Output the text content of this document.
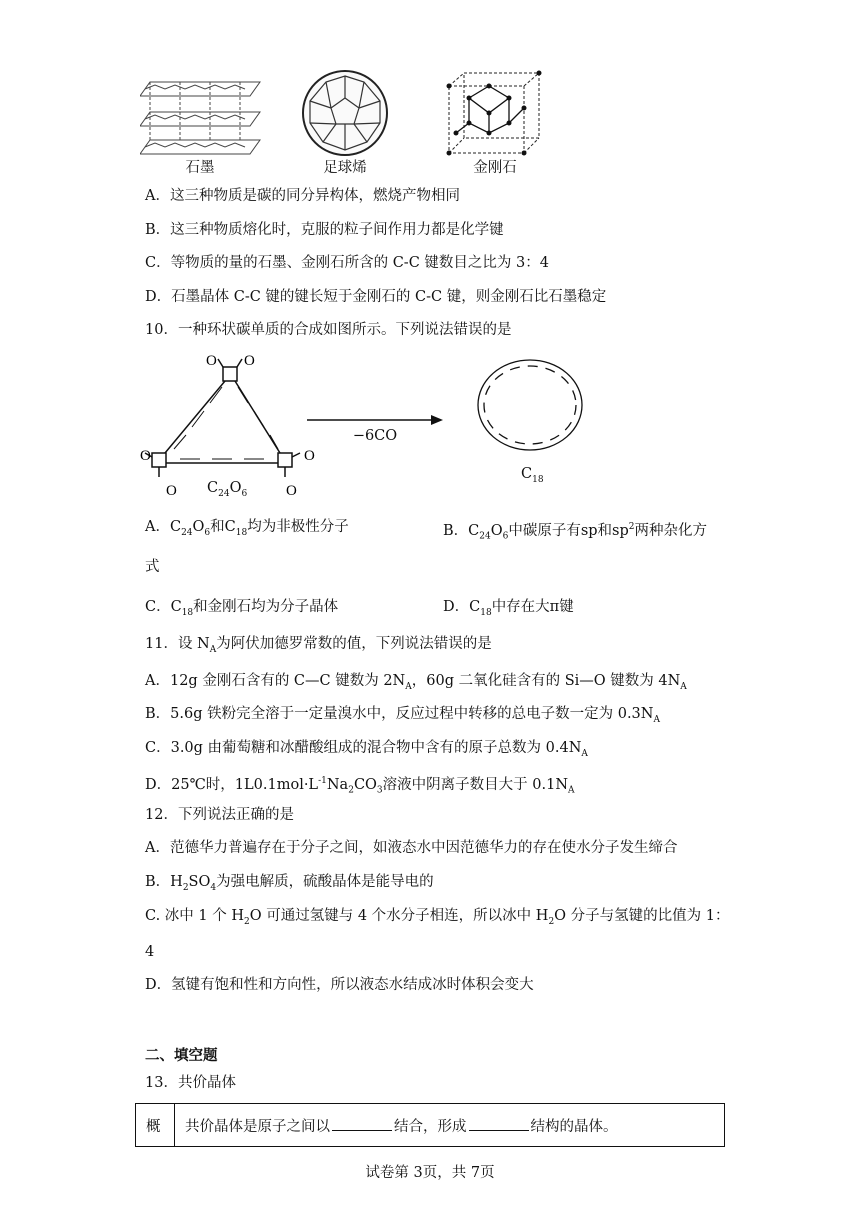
石墨	足球烯	金刚石
A．这三种物质是碳的同分异构体，燃烧产物相同
B．这三种物质熔化时，克服的粒子间作用力都是化学键
C．等物质的量的石墨、金刚石所含的 C-C 键数目之比为 3：4
D．石墨晶体 C-C 键的键长短于金刚石的 C-C 键，则金刚石比石墨稳定
10．一种环状碳单质的合成如图所示。下列说法错误的是
O O
O
O
O
O
$C_{24}O_6$
−6CO
$C_{18}$
A．$C_{24}O_6$和$C_{18}$均为非极性分子	B．$C_{24}O_6$中碳原子有sp和$sp^2$两种杂化方
式
C．$C_{18}$和金刚石均为分子晶体	D．$C_{18}$中存在大π键
11．设 $N_A$为阿伏加德罗常数的值，下列说法错误的是
A．12g 金刚石含有的 C—C 键数为 $2N_A$，60g 二氧化硅含有的 Si—O 键数为 $4N_A$
B．5.6g 铁粉完全溶于一定量溴水中，反应过程中转移的总电子数一定为 $0.3N_A$
C．3.0g 由葡萄糖和冰醋酸组成的混合物中含有的原子总数为 $0.4N_A$
D．25℃时，$1L0.1mol\cdot L^{-1}Na_2CO_3$溶液中阴离子数目大于 $0.1N_A$
12．下列说法正确的是
A．范德华力普遍存在于分子之间，如液态水中因范德华力的存在使水分子发生缔合
B．$H_2SO_4$为强电解质，硫酸晶体是能导电的
C. 冰中 1 个 $H_2O$ 可通过氢键与 4 个水分子相连，所以冰中 $H_2O$ 分子与氢键的比值为 1：
4
D．氢键有饱和性和方向性，所以液态水结成冰时体积会变大
二、填空题
13．共价晶体
概	共价晶体是原子之间以	结合，形成	结构的晶体。
试卷第 3页，共 7页
